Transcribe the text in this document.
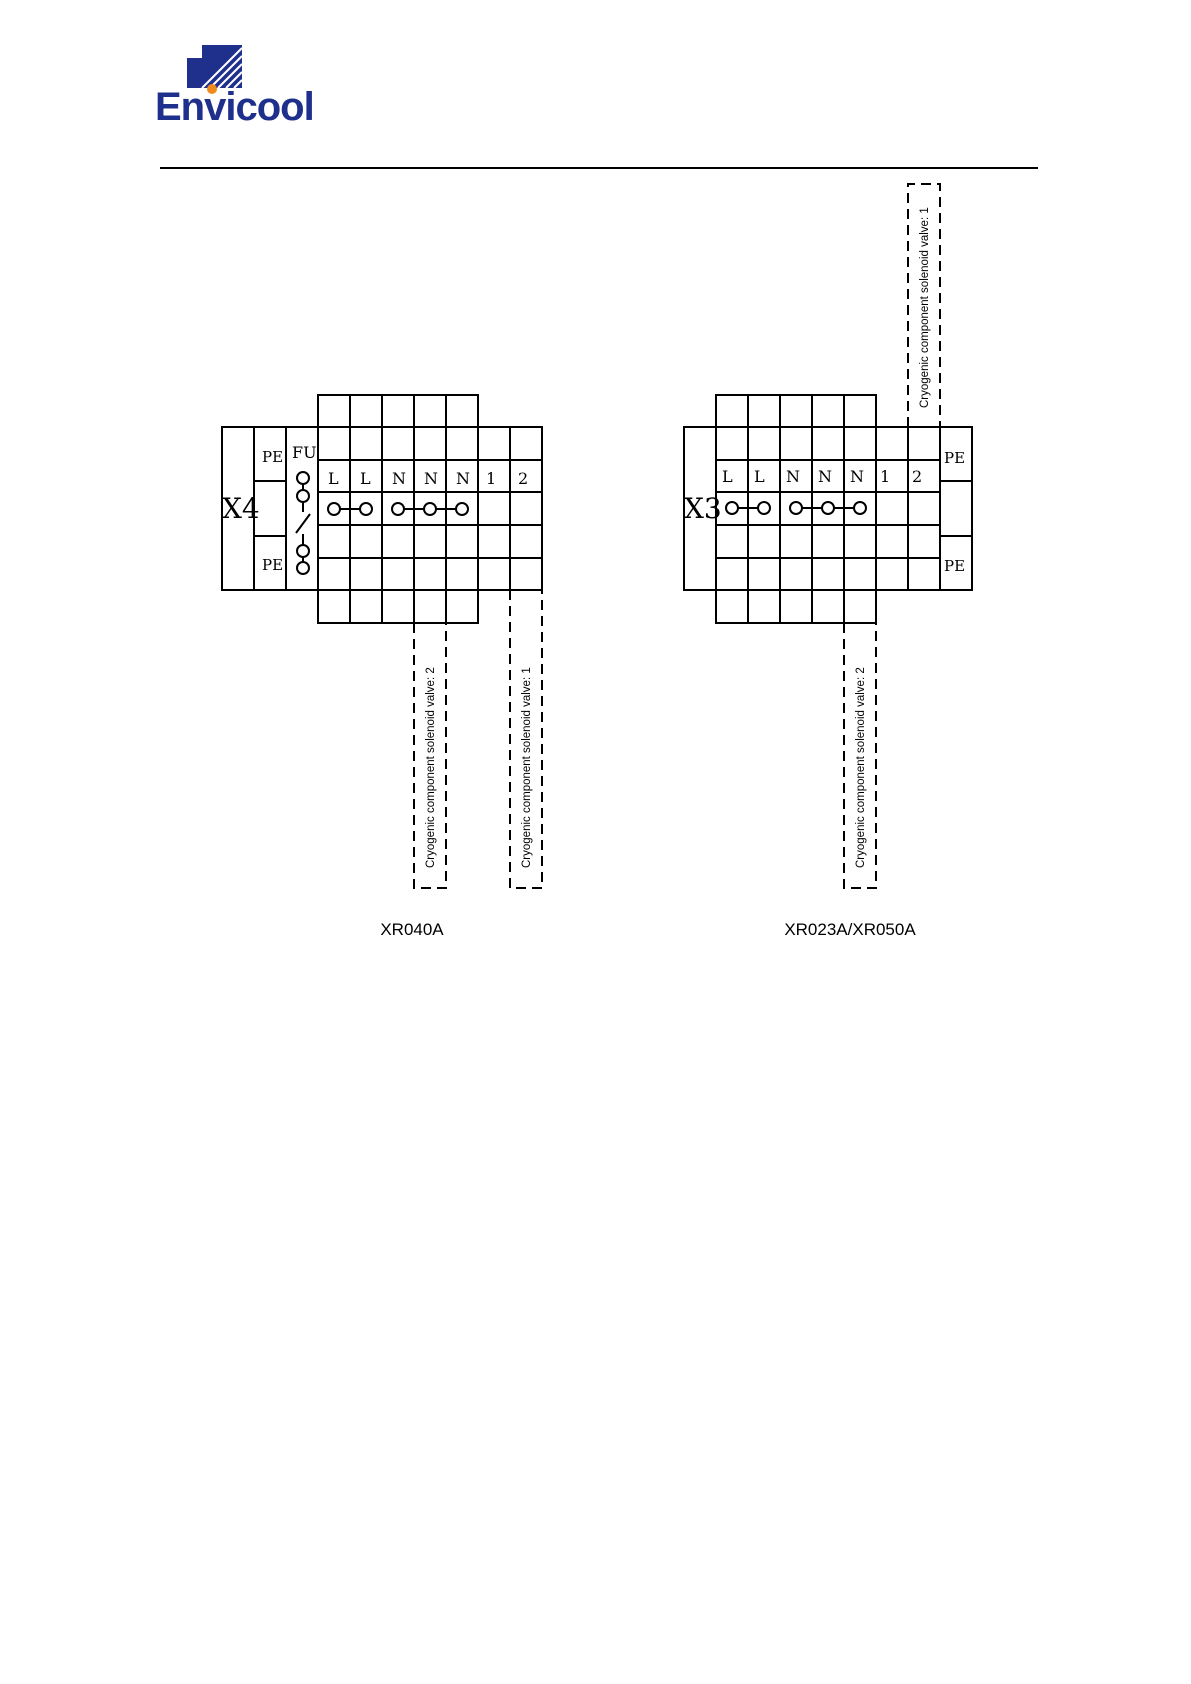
Envicool
X4
PE
PE
FU
L L N N N 1 2
Cryogenic component solenoid valve: 2	Cryogenic component solenoid valve: 1
XR040A
X3
PE
PE
L L N N N 1 2
Cryogenic component solenoid valve: 1
Cryogenic component solenoid valve: 2
XR023A/XR050A
